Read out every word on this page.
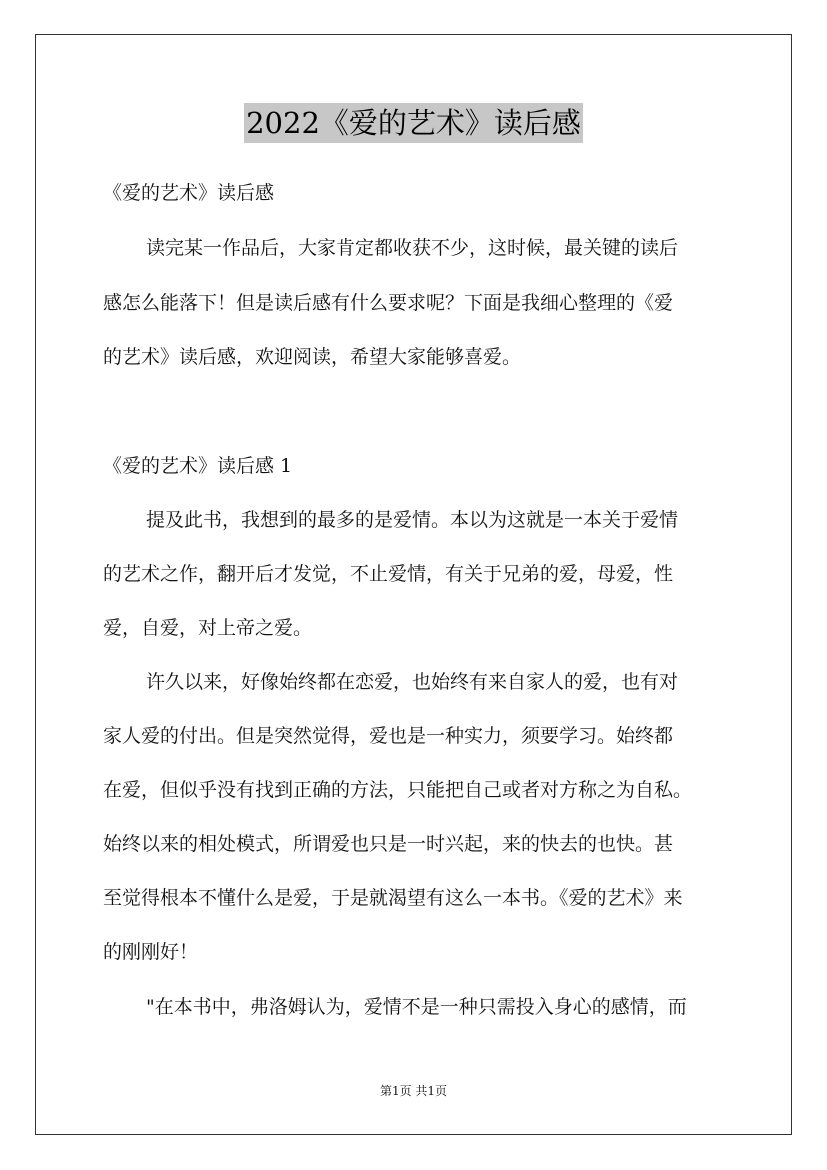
2022《爱的艺术》读后感
《爱的艺术》读后感
读完某一作品后，大家肯定都收获不少，这时候，最关键的读后
感怎么能落下！但是读后感有什么要求呢？下面是我细心整理的《爱
的艺术》读后感，欢迎阅读，希望大家能够喜爱。
《爱的艺术》读后感 1
提及此书，我想到的最多的是爱情。本以为这就是一本关于爱情
的艺术之作，翻开后才发觉，不止爱情，有关于兄弟的爱，母爱，性
爱，自爱，对上帝之爱。
许久以来，好像始终都在恋爱，也始终有来自家人的爱，也有对
家人爱的付出。但是突然觉得，爱也是一种实力，须要学习。始终都
在爱，但似乎没有找到正确的方法，只能把自己或者对方称之为自私。
始终以来的相处模式，所谓爱也只是一时兴起，来的快去的也快。甚
至觉得根本不懂什么是爱，于是就渴望有这么一本书。《爱的艺术》来
的刚刚好！
"在本书中，弗洛姆认为，爱情不是一种只需投入身心的感情，而
第1页 共1页
